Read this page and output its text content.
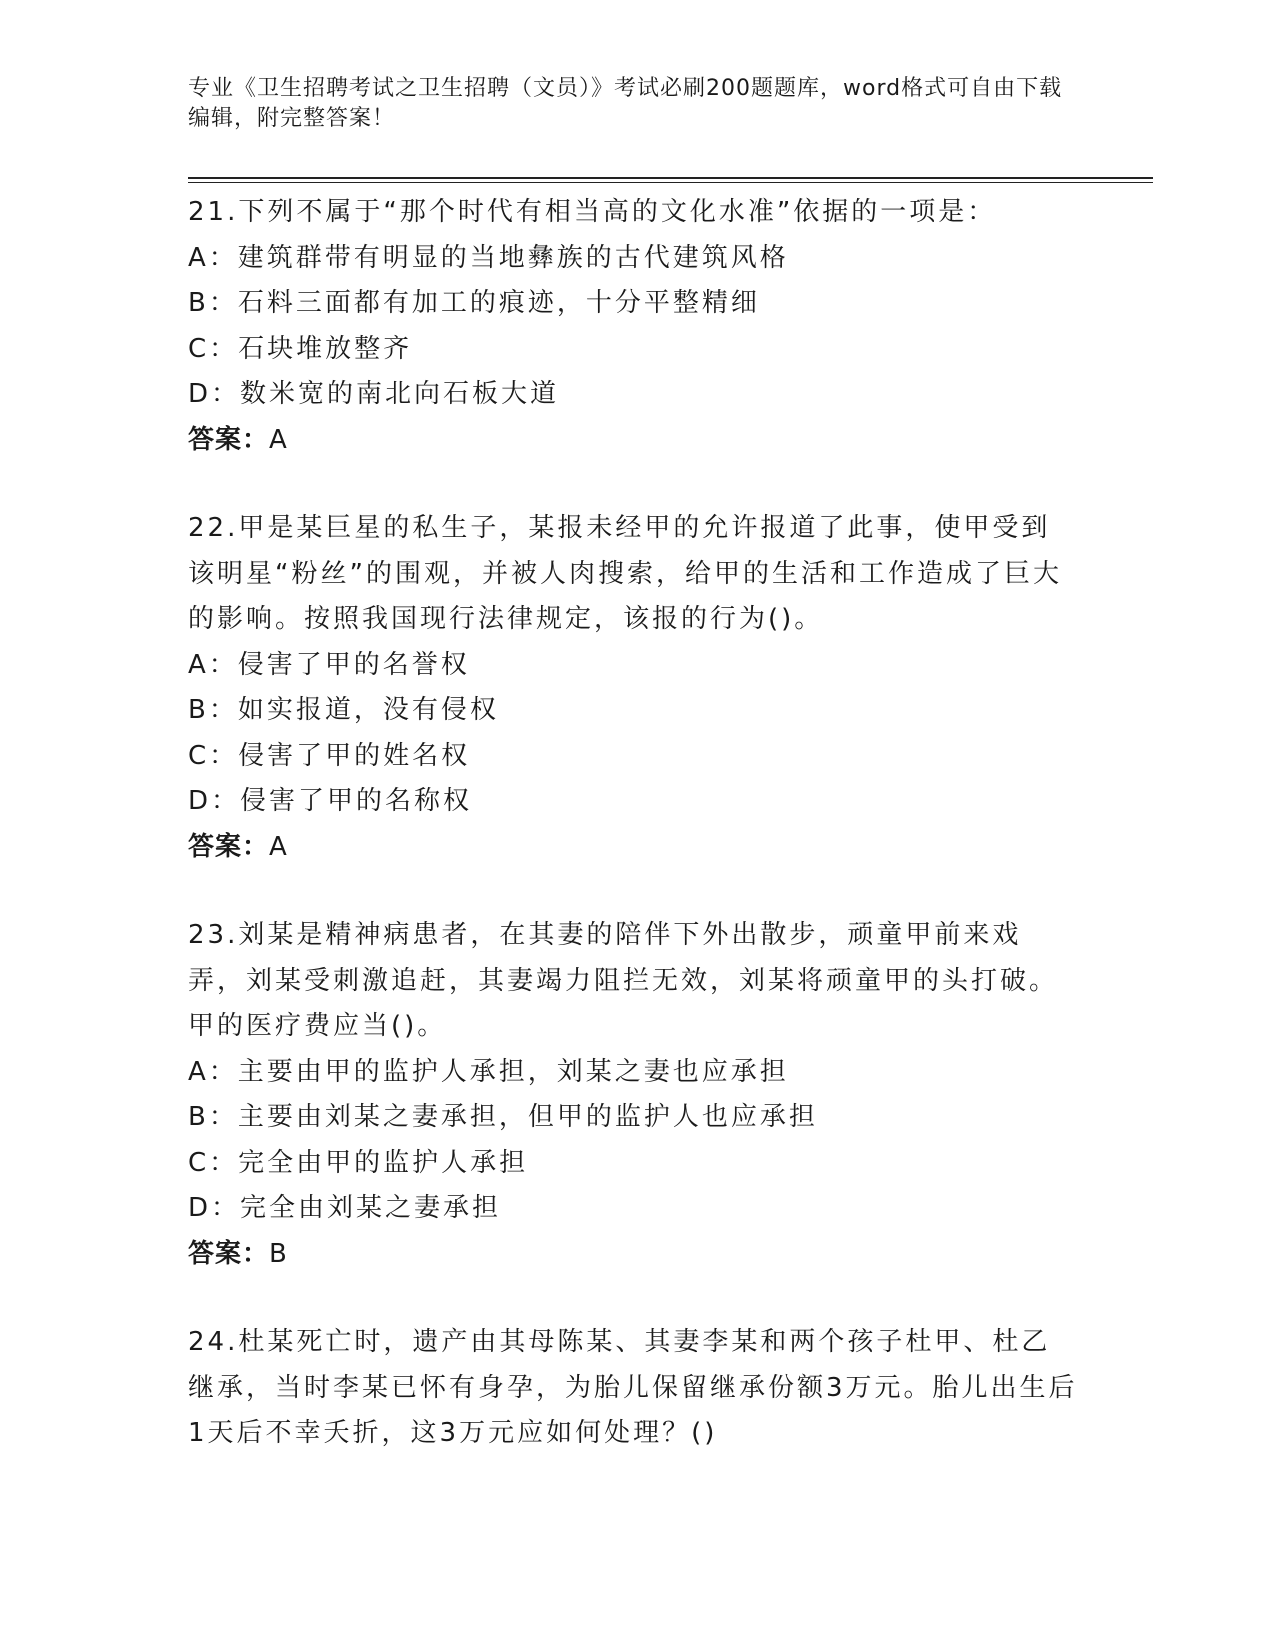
专业《卫生招聘考试之卫生招聘（文员）》考试必刷200题题库，word格式可自由下载编辑，附完整答案！

21.下列不属于“那个时代有相当高的文化水准”依据的一项是：

A：建筑群带有明显的当地彝族的古代建筑风格

B：石料三面都有加工的痕迹，十分平整精细

C：石块堆放整齐

D：数米宽的南北向石板大道

答案：A

22.甲是某巨星的私生子，某报未经甲的允许报道了此事，使甲受到该明星“粉丝”的围观，并被人肉搜索，给甲的生活和工作造成了巨大的影响。按照我国现行法律规定，该报的行为()。

A：侵害了甲的名誉权

B：如实报道，没有侵权

C：侵害了甲的姓名权

D：侵害了甲的名称权

答案：A

23.刘某是精神病患者，在其妻的陪伴下外出散步，顽童甲前来戏弄，刘某受刺激追赶，其妻竭力阻拦无效，刘某将顽童甲的头打破。甲的医疗费应当()。

A：主要由甲的监护人承担，刘某之妻也应承担

B：主要由刘某之妻承担，但甲的监护人也应承担

C：完全由甲的监护人承担

D：完全由刘某之妻承担

答案：B

24.杜某死亡时，遗产由其母陈某、其妻李某和两个孩子杜甲、杜乙继承，当时李某已怀有身孕，为胎儿保留继承份额3万元。胎儿出生后1天后不幸夭折，这3万元应如何处理？()
